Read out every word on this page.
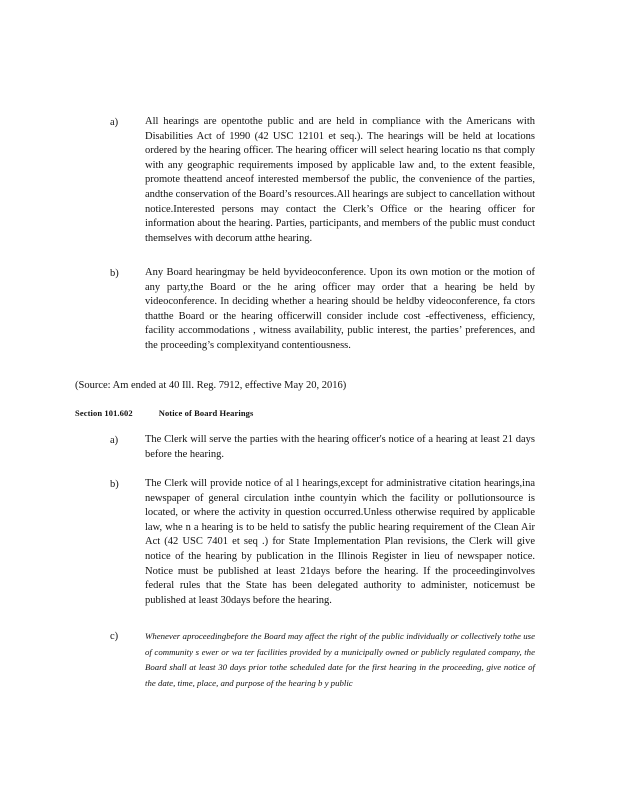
a)	All hearings are opentothe public and are held in compliance with the Americans with Disabilities Act of 1990 (42 USC 12101 et seq.). The hearings will be held at locations ordered by the hearing officer. The hearing officer will select hearing locatio ns that comply with any geographic requirements imposed by applicable law and, to the extent feasible, promote theattend anceof interested membersof the public, the convenience of the parties, andthe conservation of the Board’s resources.All hearings are subject to cancellation without notice.Interested persons may contact the Clerk’s Office or the hearing officer for information about the hearing. Parties, participants, and members of the public must conduct themselves with decorum atthe hearing.
b)	Any Board hearingmay be held byvideoconference. Upon its own motion or the motion of any party,the Board or the he aring officer may order that a hearing be held by videoconference. In deciding whether a hearing should be heldby videoconference, fa ctors thatthe Board or the hearing officerwill consider include cost -effectiveness, efficiency, facility accommodations , witness availability, public interest, the parties’ preferences, and the proceeding’s complexityand contentiousness.
(Source: Am ended at 40 Ill. Reg. 7912, effective May 20, 2016)
Section 101.602	Notice of Board Hearings
a)	The Clerk will serve the parties with the hearing officer's notice of a hearing at least 21 days before the hearing.
b)	The Clerk will provide notice of al l hearings,except for administrative citation hearings,ina newspaper of general circulation inthe countyin which the facility or pollutionsource is located, or where the activity in question occurred.Unless otherwise required by applicable law, whe n a hearing is to be held to satisfy the public hearing requirement of the Clean Air Act (42 USC 7401 et seq .) for State Implementation Plan revisions, the Clerk will give notice of the hearing by publication in the Illinois Register in lieu of newspaper notice. Notice must be published at least 21days before the hearing. If the proceedinginvolves federal rules that the State has been delegated authority to administer, noticemust be published at least 30days before the hearing.
c)	Whenever aproceedingbefore the Board may affect the right of the public individually or collectively tothe use of community s ewer or wa ter facilities provided by a municipally owned or publicly regulated company, the Board shall at least 30 days prior tothe scheduled date for the first hearing in the proceeding, give notice of the date, time, place, and purpose of the hearing b y public
